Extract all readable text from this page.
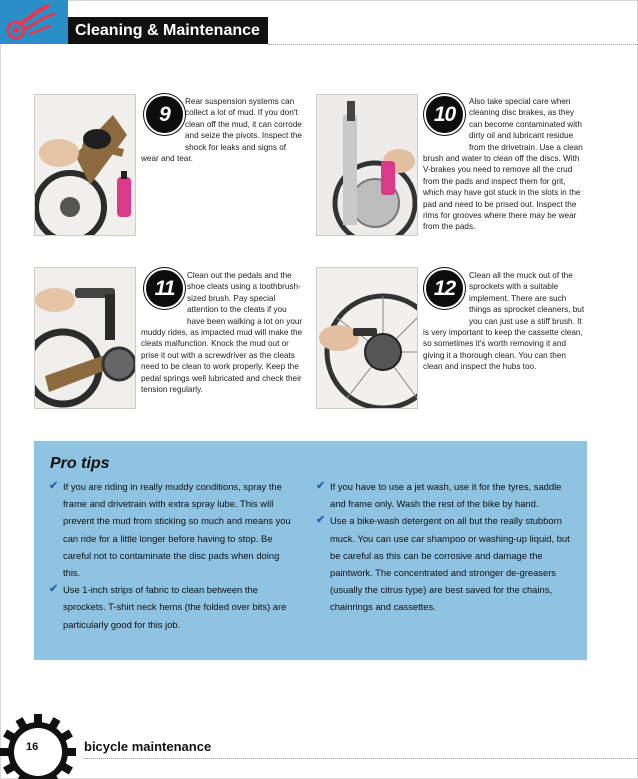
Cleaning & Maintenance
9
Rear suspension systems can collect a lot of mud. If you don't clean off the mud, it can corrode and seize the pivots. Inspect the shock for leaks and signs of wear and tear.
10
Also take special care when cleaning disc brakes, as they can become contaminated with dirty oil and lubricant residue from the drivetrain. Use a clean brush and water to clean off the discs. With V-brakes you need to remove all the crud from the pads and inspect them for grit, which may have got stuck in the slots in the pad and need to be prised out. Inspect the rims for grooves where there may be wear from the pads.
11
Clean out the pedals and the shoe cleats using a toothbrush-sized brush. Pay special attention to the cleats if you have been walking a lot on your muddy rides, as impacted mud will make the cleats malfunction. Knock the mud out or prise it out with a screwdriver as the cleats need to be clean to work properly. Keep the pedal springs well lubricated and check their tension regularly.
12
Clean all the muck out of the sprockets with a suitable implement. There are such things as sprocket cleaners, but you can just use a stiff brush. It is very important to keep the cassette clean, so sometimes it's worth removing it and giving it a thorough clean. You can then clean and inspect the hubs too.
Pro tips

✔ If you are riding in really muddy conditions, spray the frame and drivetrain with extra spray lube. This will prevent the mud from sticking so much and means you can ride for a little longer before having to stop. Be careful not to contaminate the disc pads when doing this.

✔ Use 1-inch strips of fabric to clean between the sprockets. T-shirt neck hems (the folded over bits) are particularly good for this job.

✔ If you have to use a jet wash, use it for the tyres, saddle and frame only. Wash the rest of the bike by hand.

✔ Use a bike-wash detergent on all but the really stubborn muck. You can use car shampoo or washing-up liquid, but be careful as this can be corrosive and damage the paintwork. The concentrated and stronger de-greasers (usually the citrus type) are best saved for the chains, chainrings and cassettes.

16	bicycle maintenance
